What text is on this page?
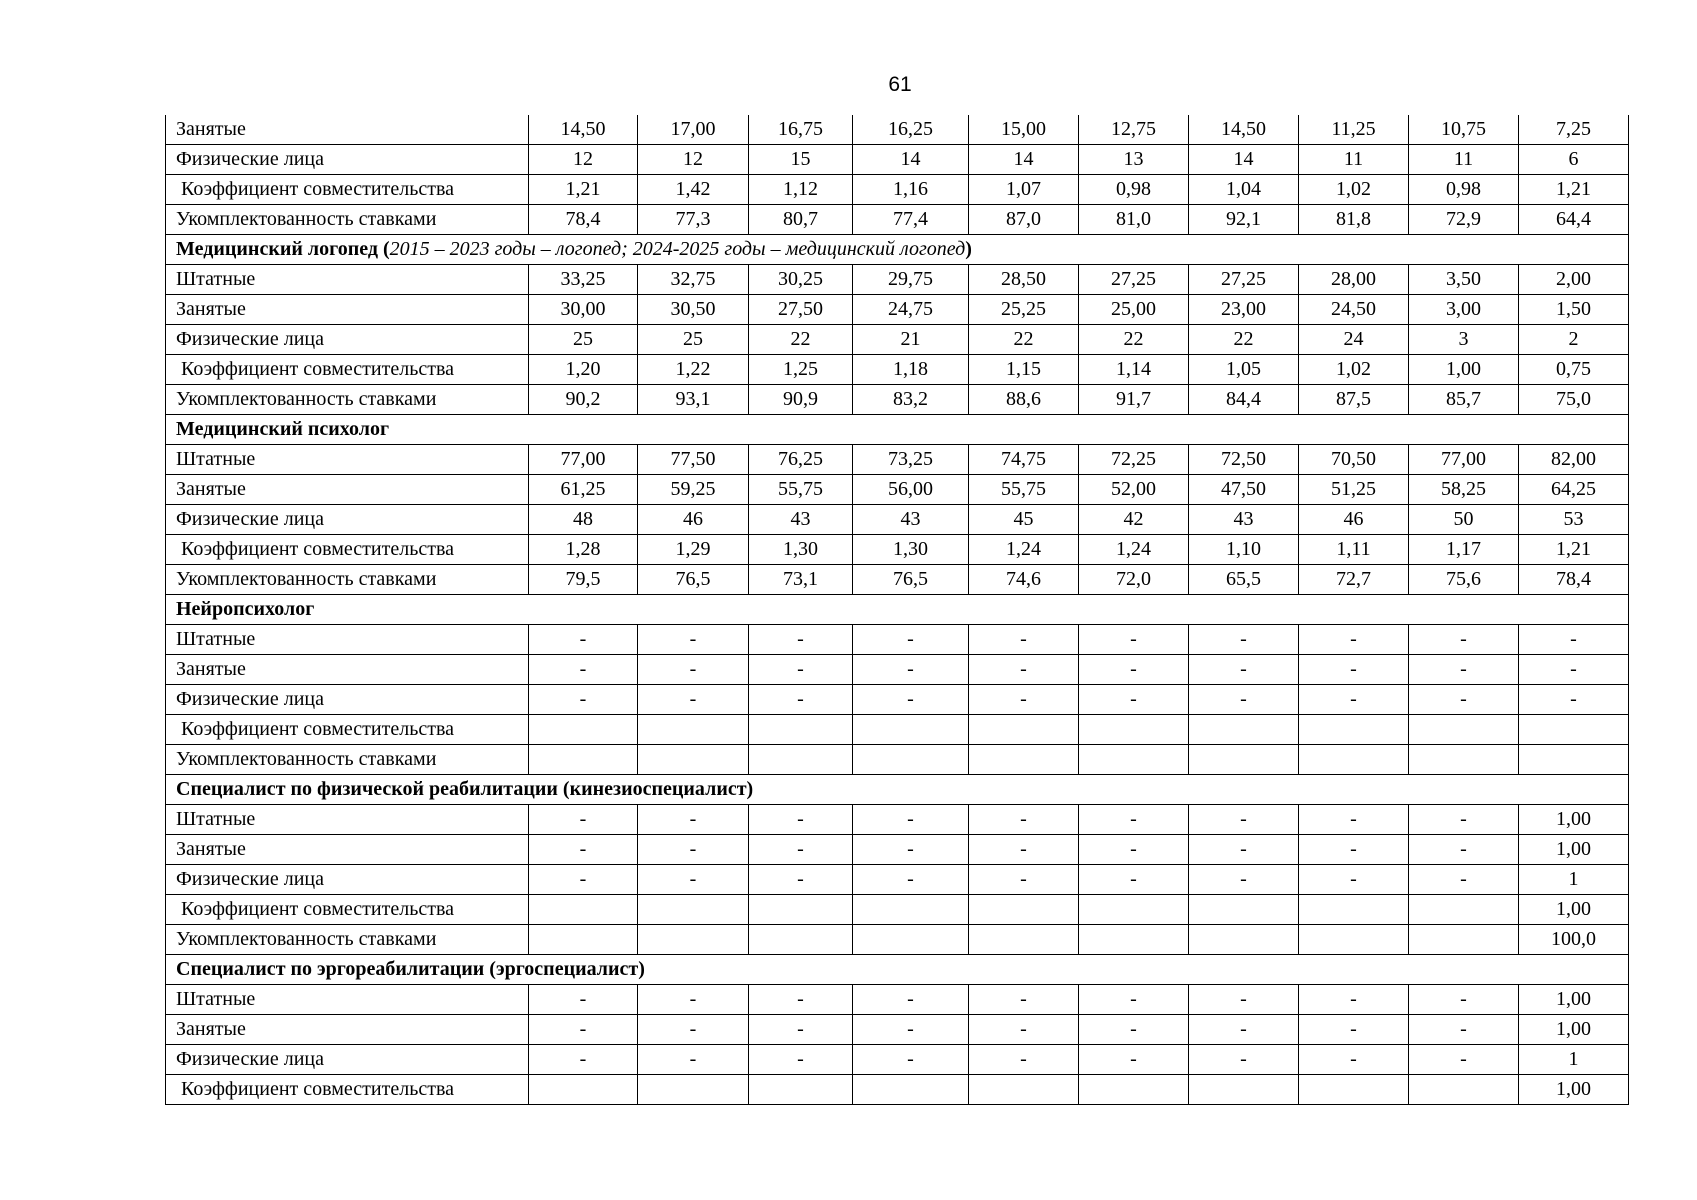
61
Занятые	14,50	17,00	16,75	16,25	15,00	12,75	14,50	11,25	10,75	7,25
Физические лица	12	12	15	14	14	13	14	11	11	6
Коэффициент совместительства	1,21	1,42	1,12	1,16	1,07	0,98	1,04	1,02	0,98	1,21
Укомплектованность ставками	78,4	77,3	80,7	77,4	87,0	81,0	92,1	81,8	72,9	64,4
Медицинский логопед (2015 – 2023 годы – логопед; 2024-2025 годы – медицинский логопед)										
Штатные	33,25	32,75	30,25	29,75	28,50	27,25	27,25	28,00	3,50	2,00
Занятые	30,00	30,50	27,50	24,75	25,25	25,00	23,00	24,50	3,00	1,50
Физические лица	25	25	22	21	22	22	22	24	3	2
Коэффициент совместительства	1,20	1,22	1,25	1,18	1,15	1,14	1,05	1,02	1,00	0,75
Укомплектованность ставками	90,2	93,1	90,9	83,2	88,6	91,7	84,4	87,5	85,7	75,0
Медицинский психолог										
Штатные	77,00	77,50	76,25	73,25	74,75	72,25	72,50	70,50	77,00	82,00
Занятые	61,25	59,25	55,75	56,00	55,75	52,00	47,50	51,25	58,25	64,25
Физические лица	48	46	43	43	45	42	43	46	50	53
Коэффициент совместительства	1,28	1,29	1,30	1,30	1,24	1,24	1,10	1,11	1,17	1,21
Укомплектованность ставками	79,5	76,5	73,1	76,5	74,6	72,0	65,5	72,7	75,6	78,4
Нейропсихолог										
Штатные	-	-	-	-	-	-	-	-	-	-
Занятые	-	-	-	-	-	-	-	-	-	-
Физические лица	-	-	-	-	-	-	-	-	-	-
Коэффициент совместительства										
Укомплектованность ставками										
Специалист по физической реабилитации (кинезиоспециалист)										
Штатные	-	-	-	-	-	-	-	-	-	1,00
Занятые	-	-	-	-	-	-	-	-	-	1,00
Физические лица	-	-	-	-	-	-	-	-	-	1
Коэффициент совместительства										1,00
Укомплектованность ставками										100,0
Специалист по эргореабилитации (эргоспециалист)										
Штатные	-	-	-	-	-	-	-	-	-	1,00
Занятые	-	-	-	-	-	-	-	-	-	1,00
Физические лица	-	-	-	-	-	-	-	-	-	1
Коэффициент совместительства										1,00
